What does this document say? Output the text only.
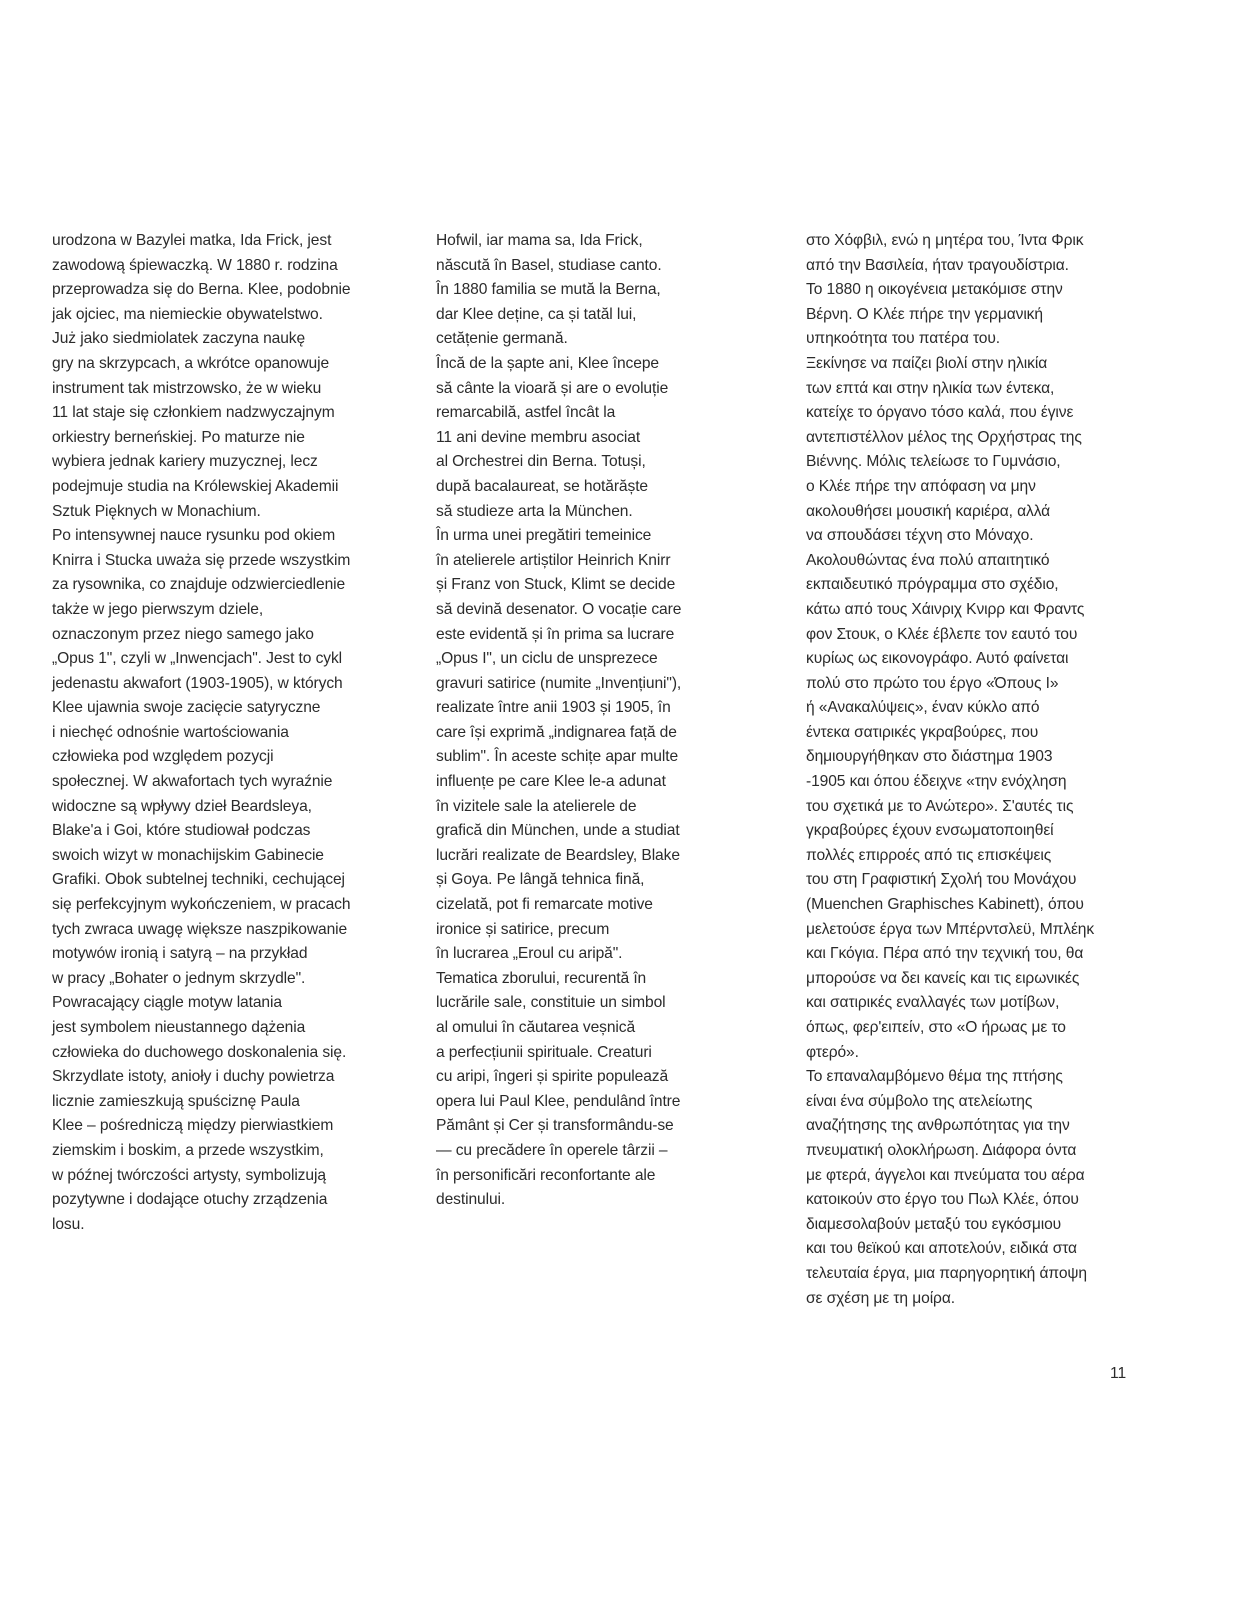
urodzona w Bazylei matka, Ida Frick, jest
zawodową śpiewaczką. W 1880 r. rodzina
przeprowadza się do Berna. Klee, podobnie
jak ojciec, ma niemieckie obywatelstwo.
Już jako siedmiolatek zaczyna naukę
gry na skrzypcach, a wkrótce opanowuje
instrument tak mistrzowsko, że w wieku
11 lat staje się członkiem nadzwyczajnym
orkiestry berneńskiej. Po maturze nie
wybiera jednak kariery muzycznej, lecz
podejmuje studia na Królewskiej Akademii
Sztuk Pięknych w Monachium.
Po intensywnej nauce rysunku pod okiem
Knirra i Stucka uważa się przede wszystkim
za rysownika, co znajduje odzwierciedlenie
także w jego pierwszym dziele,
oznaczonym przez niego samego jako
„Opus 1", czyli w „Inwencjach". Jest to cykl
jedenastu akwafort (1903-1905), w których
Klee ujawnia swoje zacięcie satyryczne
i niechęć odnośnie wartościowania
człowieka pod względem pozycji
społecznej. W akwafortach tych wyraźnie
widoczne są wpływy dzieł Beardsleya,
Blake'a i Goi, które studiował podczas
swoich wizyt w monachijskim Gabinecie
Grafiki. Obok subtelnej techniki, cechującej
się perfekcyjnym wykończeniem, w pracach
tych zwraca uwagę większe naszpikowanie
motywów ironią i satyrą – na przykład
w pracy „Bohater o jednym skrzydle".
Powracający ciągle motyw latania
jest symbolem nieustannego dążenia
człowieka do duchowego doskonalenia się.
Skrzydlate istoty, anioły i duchy powietrza
licznie zamieszkują spuściznę Paula
Klee – pośredniczą między pierwiastkiem
ziemskim i boskim, a przede wszystkim,
w późnej twórczości artysty, symbolizują
pozytywne i dodające otuchy zrządzenia
losu.
Hofwil, iar mama sa, Ida Frick,
născută în Basel, studiase canto.
În 1880 familia se mută la Berna,
dar Klee deține, ca și tatăl lui,
cetățenie germană.
Încă de la șapte ani, Klee începe
să cânte la vioară și are o evoluție
remarcabilă, astfel încât la
11 ani devine membru asociat
al Orchestrei din Berna. Totuși,
după bacalaureat, se hotărăște
să studieze arta la München.
În urma unei pregătiri temeinice
în atelierele artiștilor Heinrich Knirr
și Franz von Stuck, Klimt se decide
să devină desenator. O vocație care
este evidentă și în prima sa lucrare
„Opus I", un ciclu de unsprezece
gravuri satirice (numite „Invențiuni"),
realizate între anii 1903 și 1905, în
care își exprimă „indignarea față de
sublim". În aceste schițe apar multe
influențe pe care Klee le-a adunat
în vizitele sale la atelierele de
grafică din München, unde a studiat
lucrări realizate de Beardsley, Blake
și Goya. Pe lângă tehnica fină,
cizelată, pot fi remarcate motive
ironice și satirice, precum
în lucrarea „Eroul cu aripă".
Tematica zborului, recurentă în
lucrările sale, constituie un simbol
al omului în căutarea veșnică
a perfecțiunii spirituale. Creaturi
cu aripi, îngeri și spirite populează
opera lui Paul Klee, pendulând între
Pământ și Cer și transformându-se
— cu precădere în operele târzii –
în personificări reconfortante ale
destinului.
στο Χόφβιλ, ενώ η μητέρα του, Ίντα Φρικ
από την Βασιλεία, ήταν τραγουδίστρια.
Το 1880 η οικογένεια μετακόμισε στην
Βέρνη. Ο Κλέε πήρε την γερμανική
υπηκοότητα του πατέρα του.
Ξεκίνησε να παίζει βιολί στην ηλικία
των επτά και στην ηλικία των έντεκα,
κατείχε το όργανο τόσο καλά, που έγινε
αντεπιστέλλον μέλος της Ορχήστρας της
Βιέννης. Μόλις τελείωσε το Γυμνάσιο,
ο Κλέε πήρε την απόφαση να μην
ακολουθήσει μουσική καριέρα, αλλά
να σπουδάσει τέχνη στο Μόναχο.
Ακολουθώντας ένα πολύ απαιτητικό
εκπαιδευτικό πρόγραμμα στο σχέδιο,
κάτω από τους Χάινριχ Κνιρρ και Φραντς
φον Στουκ, ο Κλέε έβλεπε τον εαυτό του
κυρίως ως εικονογράφο. Αυτό φαίνεται
πολύ στο πρώτο του έργο «Όπους Ι»
ή «Ανακαλύψεις», έναν κύκλο από
έντεκα σατιρικές γκραβούρες, που
δημιουργήθηκαν στο διάστημα 1903
-1905 και όπου έδειχνε «την ενόχληση
του σχετικά με το Ανώτερο». Σ'αυτές τις
γκραβούρες έχουν ενσωματοποιηθεί
πολλές επιρροές από τις επισκέψεις
του στη Γραφιστική Σχολή του Μονάχου
(Muenchen Graphisches Kabinett), όπου
μελετούσε έργα των Μπέρντσλεϋ, Μπλέηκ
και Γκόγια. Πέρα από την τεχνική του, θα
μπορούσε να δει κανείς και τις ειρωνικές
και σατιρικές εναλλαγές των μοτίβων,
όπως, φερ'ειπείν, στο «Ο ήρωας με το
φτερό».
Το επαναλαμβόμενο θέμα της πτήσης
είναι ένα σύμβολο της ατελείωτης
αναζήτησης της ανθρωπότητας για την
πνευματική ολοκλήρωση. Διάφορα όντα
με φτερά, άγγελοι και πνεύματα του αέρα
κατοικούν στο έργο του Πωλ Κλέε, όπου
διαμεσολαβούν μεταξύ του εγκόσμιου
και του θεϊκού και αποτελούν, ειδικά στα
τελευταία έργα, μια παρηγορητική άποψη
σε σχέση με τη μοίρα.
11
